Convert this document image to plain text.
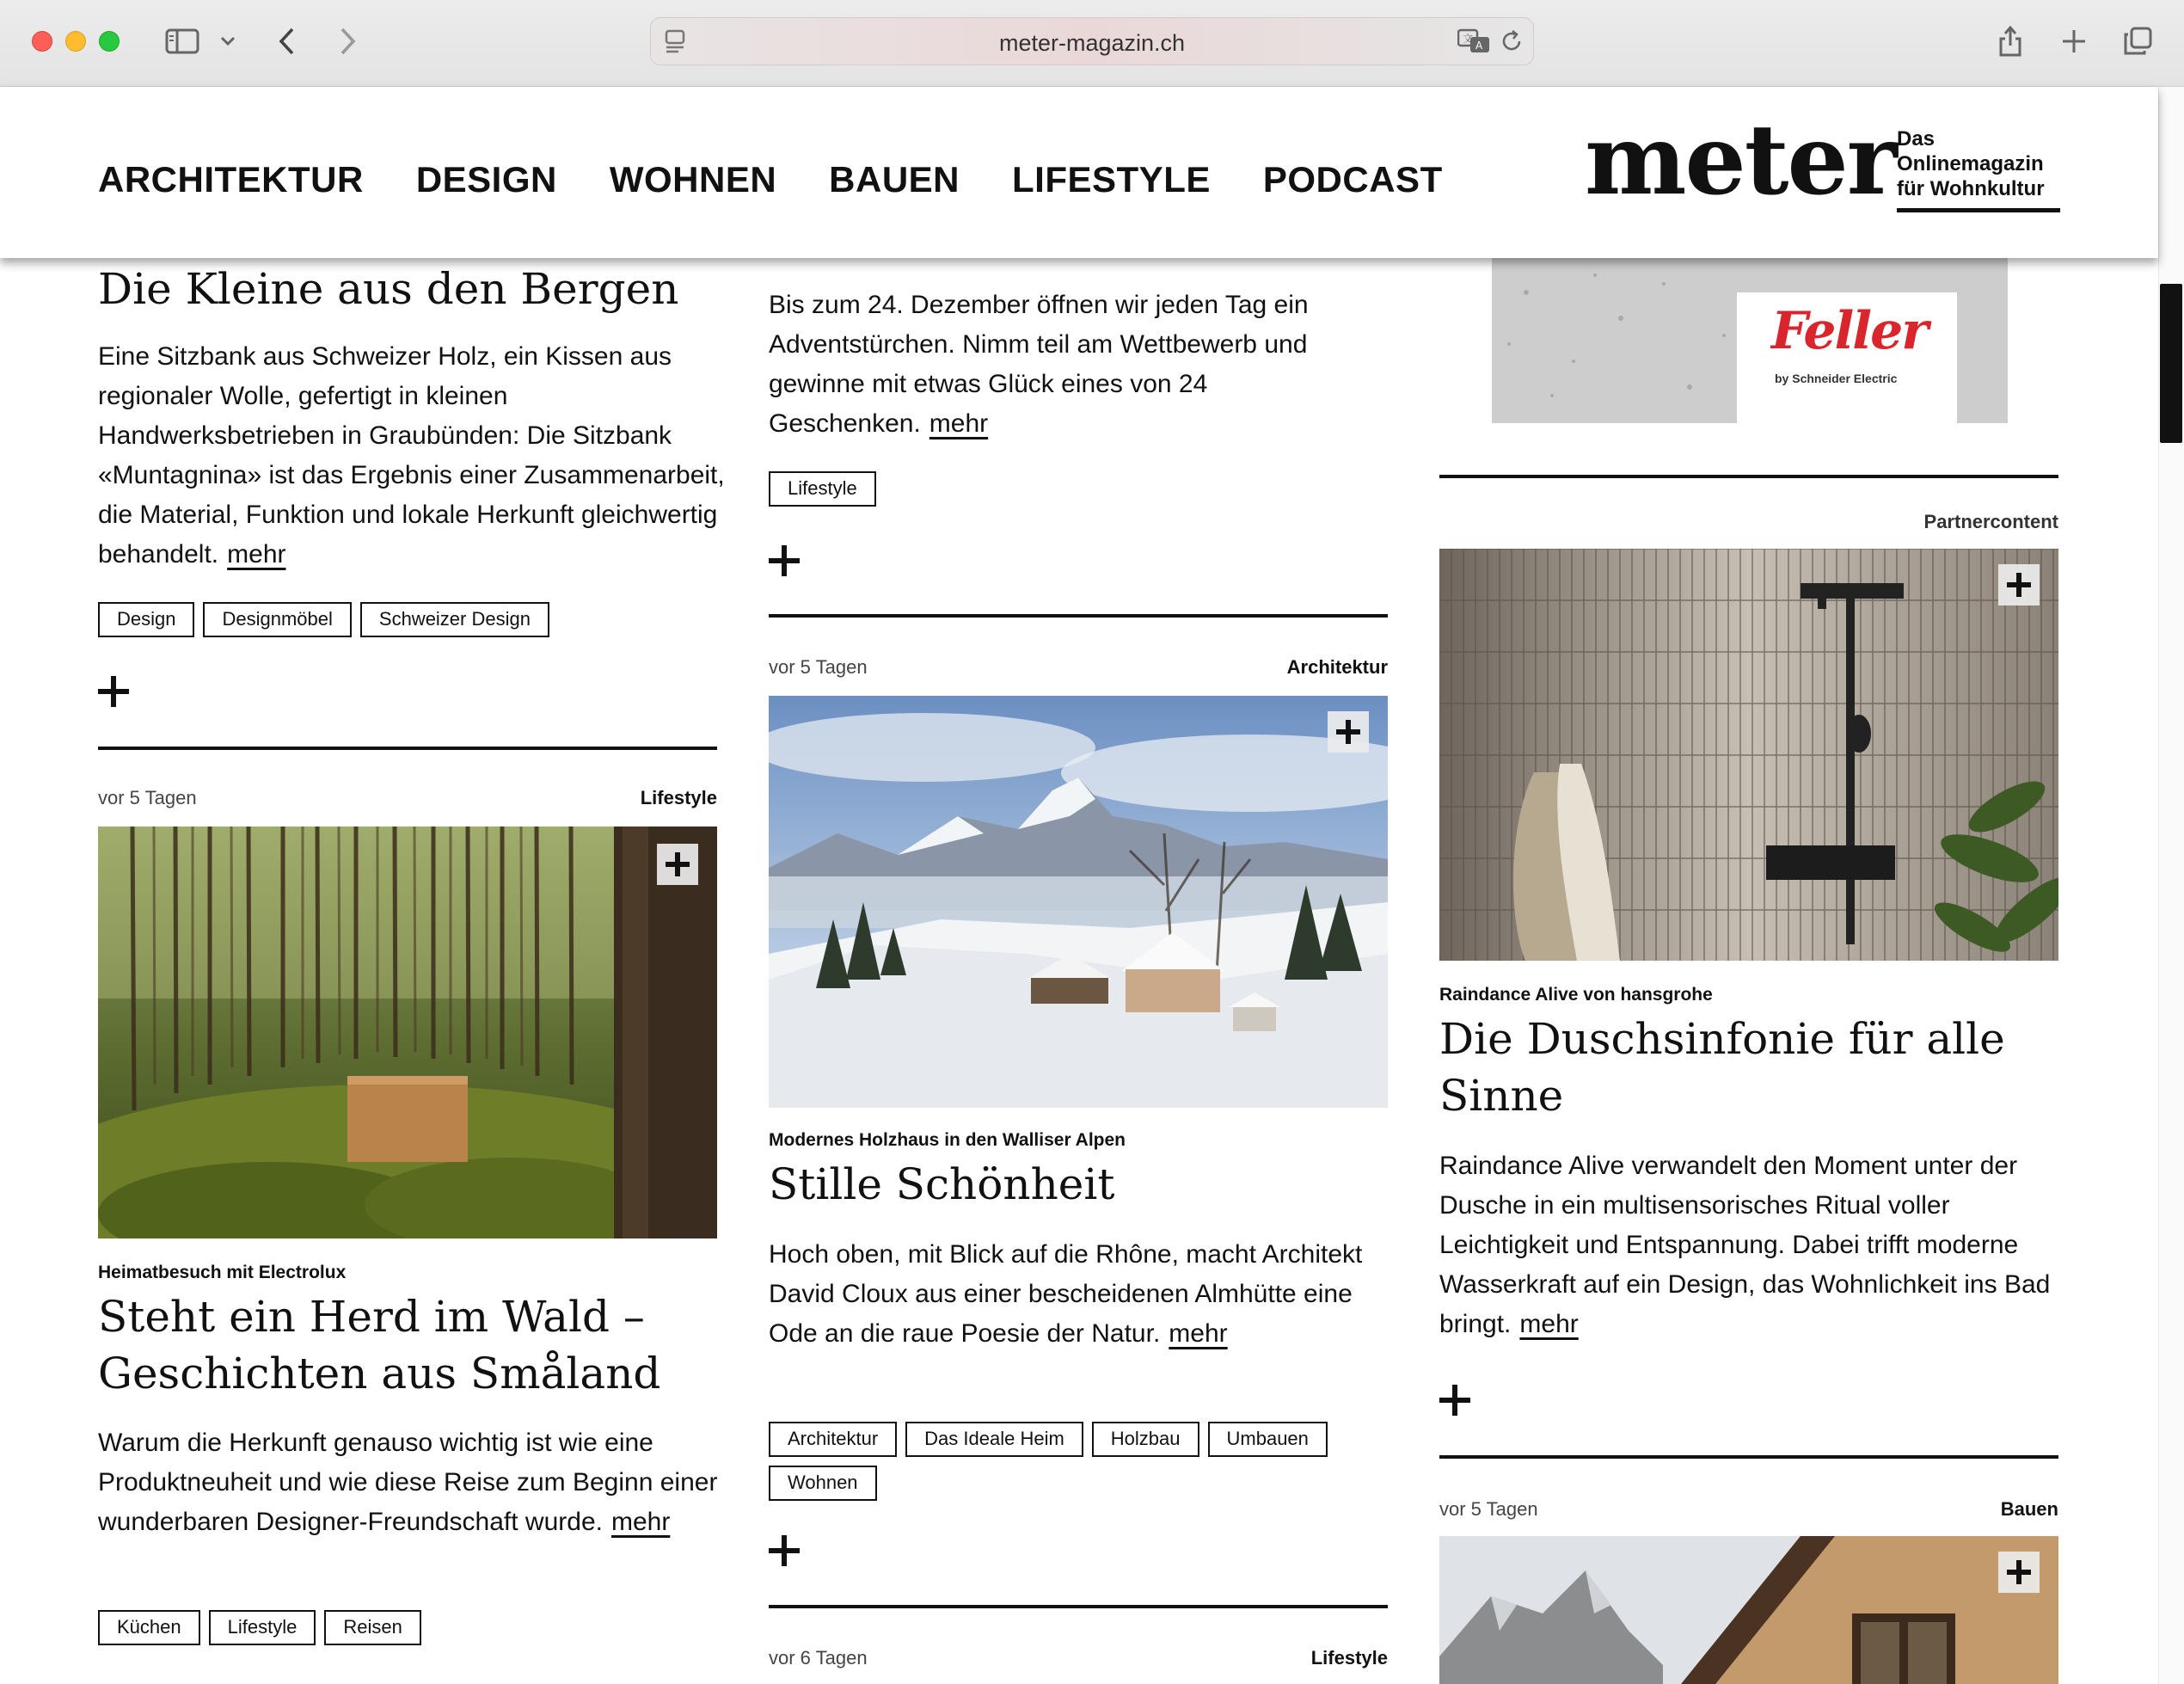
meter-magazin.ch	文
A
ARCHITEKTUR DESIGN WOHNEN BAUEN LIFESTYLE PODCAST meter Das
Onlinemagazin
für Wohnkultur
Die Kleine aus den Bergen
Eine Sitzbank aus Schweizer Holz, ein Kissen aus regionaler Wolle, gefertigt in kleinen Handwerksbetrieben in Graubünden: Die Sitzbank «Muntagnina» ist das Ergebnis einer Zusammenarbeit, die Material, Funktion und lokale Herkunft gleichwertig behandelt. mehr
Design	Designmöbel	Schweizer Design
vor 5 Tagen	Lifestyle
Heimatbesuch mit Electrolux
Steht ein Herd im Wald –
Geschichten aus Småland
Warum die Herkunft genauso wichtig ist wie eine Produktneuheit und wie diese Reise zum Beginn einer wunderbaren Designer-Freundschaft wurde. mehr
Küchen	Lifestyle	Reisen
Bis zum 24. Dezember öffnen wir jeden Tag ein Adventstürchen. Nimm teil am Wettbewerb und gewinne mit etwas Glück eines von 24 Geschenken. mehr
Lifestyle
vor 5 Tagen	Architektur
Modernes Holzhaus in den Walliser Alpen
Stille Schönheit
Hoch oben, mit Blick auf die Rhône, macht Architekt David Cloux aus einer bescheidenen Almhütte eine Ode an die raue Poesie der Natur. mehr
Architektur	Das Ideale Heim	Holzbau	Umbauen
Wohnen
vor 6 Tagen	Lifestyle
Feller
by Schneider Electric
Partnercontent
Raindance Alive von hansgrohe
Die Duschsinfonie für alle
Sinne
Raindance Alive verwandelt den Moment unter der Dusche in ein multisensorisches Ritual voller Leichtigkeit und Entspannung. Dabei trifft moderne Wasserkraft auf ein Design, das Wohnlichkeit ins Bad bringt. mehr
vor 5 Tagen	Bauen
